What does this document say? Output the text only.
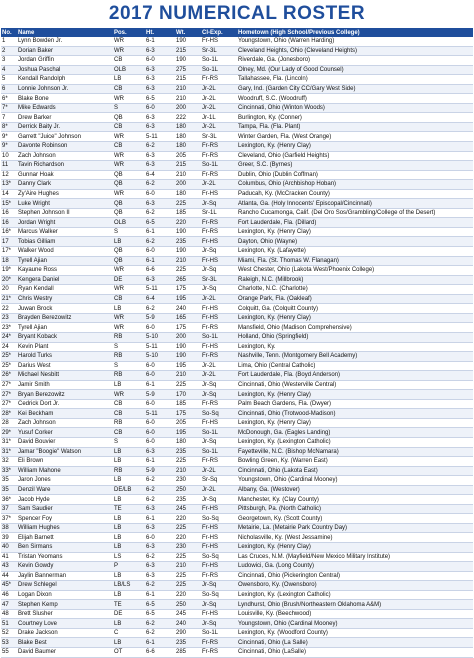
2017 NUMERICAL ROSTER
No.	Name	Pos.	Ht.	Wt.	Cl-Exp.	Hometown (High School/Previous College)
1	Lynn Bowden Jr.	WR	6-1	190	Fr-HS	Youngstown, Ohio (Warren Harding)
2	Dorian Baker	WR	6-3	215	Sr-3L	Cleveland Heights, Ohio (Cleveland Heights)
3	Jordan Griffin	CB	6-0	190	So-1L	Riverdale, Ga. (Jonesboro)
4	Joshua Paschal	OLB	6-3	275	So-1L	Olney, Md. (Our Lady of Good Counsel)
5	Kendall Randolph	LB	6-3	215	Fr-RS	Tallahassee, Fla. (Lincoln)
6	Lonnie Johnson Jr.	CB	6-3	210	Jr-2L	Gary, Ind. (Garden City CC/Gary West Side)
6*	Blake Bone	WR	6-5	210	Jr-2L	Woodruff, S.C. (Woodruff)
7*	Mike Edwards	S	6-0	200	Jr-2L	Cincinnati, Ohio (Winton Woods)
7	Drew Barker	QB	6-3	222	Jr-1L	Burlington, Ky. (Conner)
8*	Derrick Baity Jr.	CB	6-3	180	Jr-2L	Tampa, Fla. (Fla. Plant)
9*	Garrett "Juice" Johnson	WR	5-11	180	Sr-3L	Winter Garden, Fla. (West Orange)
9*	Davonte Robinson	CB	6-2	180	Fr-RS	Lexington, Ky. (Henry Clay)
10	Zach Johnson	WR	6-3	205	Fr-RS	Cleveland, Ohio (Garfield Heights)
11	Tavin Richardson	WR	6-3	215	So-1L	Greer, S.C. (Byrnes)
12	Gunnar Hoak	QB	6-4	210	Fr-RS	Dublin, Ohio (Dublin Coffman)
13*	Danny Clark	QB	6-2	200	Jr-2L	Columbus, Ohio (Archbishop Hoban)
14	Zy'Aire Hughes	WR	6-0	180	Fr-HS	Paducah, Ky. (McCracken County)
15*	Luke Wright	QB	6-3	225	Jr-Sq	Atlanta, Ga. (Holy Innocents' Episcopal/Cincinnati)
16	Stephen Johnson II	QB	6-2	185	Sr-1L	Rancho Cucamonga, Calif. (Del Oro Sos/Grambling/College of the Desert)
16	Jordan Wright	OLB	6-5	220	Fr-RS	Fort Lauderdale, Fla. (Dillard)
16*	Marcus Walker	S	6-1	190	Fr-RS	Lexington, Ky. (Henry Clay)
17	Tobias Gilliam	LB	6-2	235	Fr-HS	Dayton, Ohio (Wayne)
17*	Walker Wood	QB	6-0	190	Jr-Sq	Lexington, Ky. (Lafayette)
18	Tyrell Ajian	QB	6-1	210	Fr-HS	Miami, Fla. (St. Thomas W. Flanagan)
19*	Kayaune Ross	WR	6-6	225	Jr-Sq	West Chester, Ohio (Lakota West/Phoenix College)
20*	Kengera Daniel	DE	6-3	265	Sr-3L	Raleigh, N.C. (Millbrook)
20	Ryan Kendall	WR	5-11	175	Jr-Sq	Charlotte, N.C. (Charlotte)
21*	Chris Westry	CB	6-4	195	Jr-2L	Orange Park, Fla. (Oakleaf)
22	Juwan Brock	LB	6-2	240	Fr-HS	Colquitt, Ga. (Colquitt County)
23	Brayden Berezowitz	WR	5-9	165	Fr-HS	Lexington, Ky. (Henry Clay)
23*	Tyrell Ajian	WR	6-0	175	Fr-RS	Mansfield, Ohio (Madison Comprehensive)
24*	Bryant Koback	RB	5-10	200	So-1L	Holland, Ohio (Springfield)
24	Kevin Plant	S	5-11	190	Fr-HS	Lexington, Ky.
25*	Harold Turks	RB	5-10	190	Fr-RS	Nashville, Tenn. (Montgomery Bell Academy)
25*	Darius West	S	6-0	195	Jr-2L	Lima, Ohio (Central Catholic)
26*	Michael Nesbitt	RB	6-0	210	Jr-2L	Fort Lauderdale, Fla. (Boyd Anderson)
27*	Jamir Smith	LB	6-1	225	Jr-Sq	Cincinnati, Ohio (Westerville Central)
27*	Bryan Berezowitz	WR	5-9	170	Jr-Sq	Lexington, Ky. (Henry Clay)
27*	Cedrick Dort Jr.	CB	6-0	185	Fr-RS	Palm Beach Gardens, Fla. (Dwyer)
28*	Kei Beckham	CB	5-11	175	So-Sq	Cincinnati, Ohio (Trotwood-Madison)
28	Zach Johnson	RB	6-0	205	Fr-HS	Lexington, Ky. (Henry Clay)
29*	Yusuf Corker	CB	6-0	195	So-1L	McDonough, Ga. (Eagles Landing)
31*	David Bouvier	S	6-0	180	Jr-Sq	Lexington, Ky. (Lexington Catholic)
31*	Jamar "Boogie" Watson	LB	6-3	235	So-1L	Fayetteville, N.C. (Bishop McNamara)
32	Eli Brown	LB	6-1	225	Fr-RS	Bowling Green, Ky. (Warren East)
33*	William Mahone	RB	5-9	210	Jr-2L	Cincinnati, Ohio (Lakota East)
35	Jaron Jones	LB	6-2	230	Sr-Sq	Youngstown, Ohio (Cardinal Mooney)
35	Denzil Ware	DE/LB	6-2	250	Jr-2L	Albany, Ga. (Westover)
36*	Jacob Hyde	LB	6-2	235	Jr-Sq	Manchester, Ky. (Clay County)
37	Sam Saudier	TE	6-3	245	Fr-HS	Pittsburgh, Pa. (North Catholic)
37*	Spencer Foy	LB	6-1	220	So-Sq	Georgetown, Ky. (Scott County)
38	William Hughes	LB	6-3	225	Fr-HS	Metairie, La. (Metairie Park Country Day)
39	Elijah Barnett	LB	6-0	220	Fr-HS	Nicholasville, Ky. (West Jessamine)
40	Ben Sirmans	LB	6-3	230	Fr-HS	Lexington, Ky. (Henry Clay)
41	Tristan Yeomans	LS	6-2	225	So-Sq	Las Cruces, N.M. (Mayfield/New Mexico Military Institute)
43	Kevin Gowdy	P	6-3	210	Fr-HS	Ludowici, Ga. (Long County)
44	Jaylin Bannerman	LB	6-3	225	Fr-RS	Cincinnati, Ohio (Pickerington Central)
45*	Drew Schlegel	LB/LS	6-2	225	Jr-Sq	Owensboro, Ky. (Owensboro)
46	Logan Dixon	LB	6-1	220	So-Sq	Lexington, Ky. (Lexington Catholic)
47	Stephen Kemp	TE	6-5	250	Jr-Sq	Lyndhurst, Ohio (Brush/Northeastern Oklahoma A&M)
48	Brett Slusher	DE	6-5	245	Fr-HS	Louisville, Ky. (Beechwood)
51	Courtney Love	LB	6-2	240	Jr-Sq	Youngstown, Ohio (Cardinal Mooney)
52	Drake Jackson	C	6-2	290	So-1L	Lexington, Ky. (Woodford County)
53	Blake Best	LB	6-1	235	Fr-RS	Cincinnati, Ohio (La Salle)
55	David Baumer	OT	6-6	285	Fr-RS	Cincinnati, Ohio (LaSalle)
